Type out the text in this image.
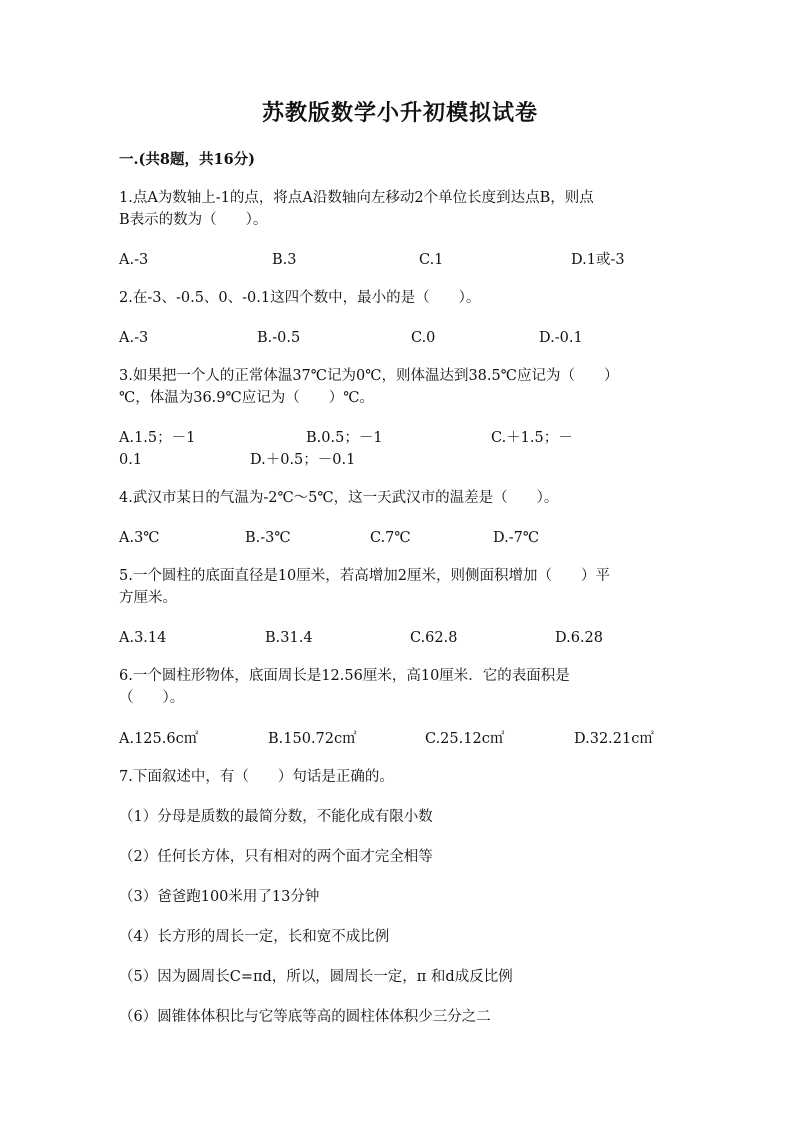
苏教版数学小升初模拟试卷
一.(共8题，共16分)
1.点A为数轴上-1的点，将点A沿数轴向左移动2个单位长度到达点B，则点
B表示的数为（　　）。
A.-3	B.3	C.1	D.1或-3
2.在-3、-0.5、0、-0.1这四个数中，最小的是（　　）。
A.-3	B.-0.5	C.0	D.-0.1
3.如果把一个人的正常体温37℃记为0℃，则体温达到38.5℃应记为（　　）
℃，体温为36.9℃应记为（　　）℃。
A.1.5；－1	B.0.5；－1	C.＋1.5；－
0.1	D.＋0.5；－0.1
4.武汉市某日的气温为-2℃～5℃，这一天武汉市的温差是（　　）。
A.3℃	B.-3℃	C.7℃	D.-7℃
5.一个圆柱的底面直径是10厘米，若高增加2厘米，则侧面积增加（　　）平
方厘米。
A.3.14	B.31.4	C.62.8	D.6.28
6.一个圆柱形物体，底面周长是12.56厘米，高10厘米．它的表面积是
（　　）。
A.125.6c㎡	B.150.72c㎡	C.25.12c㎡	D.32.21c㎡
7.下面叙述中，有（　　）句话是正确的。
（1）分母是质数的最简分数，不能化成有限小数
（2）任何长方体，只有相对的两个面才完全相等
（3）爸爸跑100米用了13分钟
（4）长方形的周长一定，长和宽不成比例
（5）因为圆周长C=πd，所以，圆周长一定，π 和d成反比例
（6）圆锥体体积比与它等底等高的圆柱体体积少三分之二
